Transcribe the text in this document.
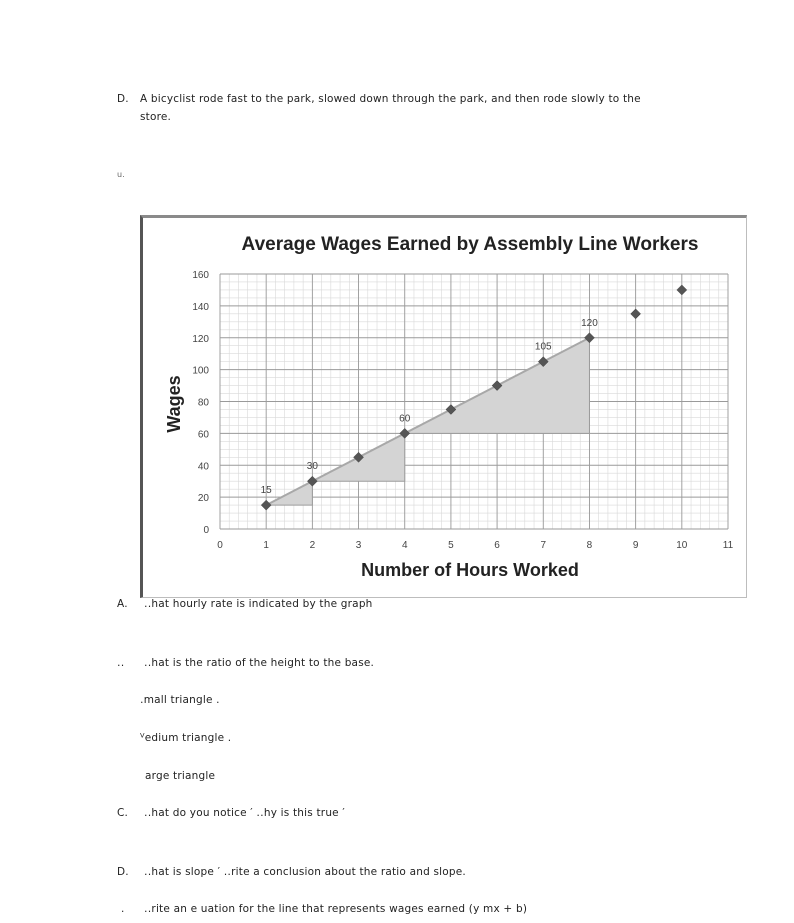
D. A bicyclist rode fast to the park, slowed down through the park, and then rode slowly to the
store.
u.
0	1	2	3	4	5	6	7	8	9	10	11
0
20
40
60
80
100
120
140
160
15
30
60
105
120
Average Wages Earned by Assembly Line Workers
Number of Hours Worked
Wages
A. ․․hat hourly rate is indicated by the graph
․․ ․․hat is the ratio of the height to the base.
․mall triangle .
ⱽedium triangle .
arge triangle
C. ․․hat do you notice ′ ․․hy is this true ′
D. ․․hat is slope ′ ․․rite a conclusion about the ratio and slope.
. ․․rite an e uation for the line that represents wages earned (y mx + b)
